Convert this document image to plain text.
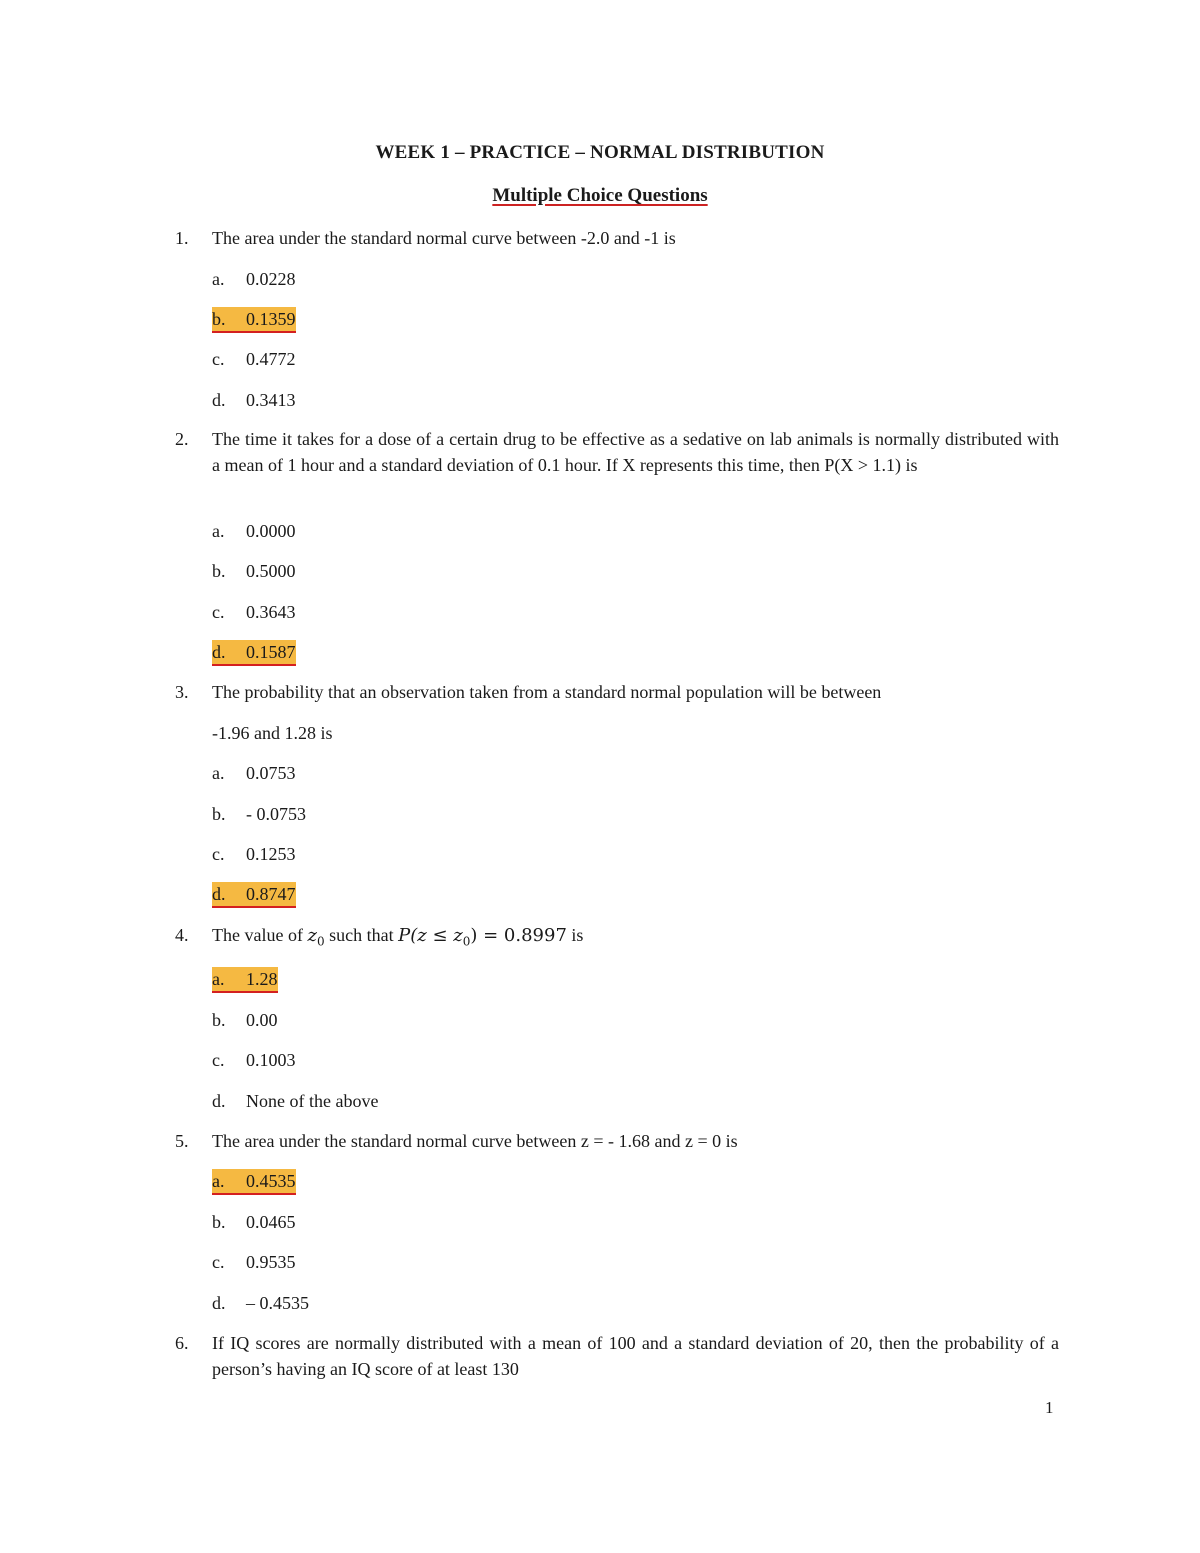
WEEK 1 – PRACTICE – NORMAL DISTRIBUTION
Multiple Choice Questions
1.	The area under the standard normal curve between -2.0 and -1 is
a. 0.0228
b. 0.1359
c. 0.4772
d. 0.3413
2.	The time it takes for a dose of a certain drug to be effective as a sedative on lab animals is normally distributed with a mean of 1 hour and a standard deviation of 0.1 hour. If X represents this time, then P(X > 1.1) is
a. 0.0000
b. 0.5000
c. 0.3643
d. 0.1587
3.	The probability that an observation taken from a standard normal population will be between
-1.96 and 1.28 is
a. 0.0753
b. - 0.0753
c. 0.1253
d. 0.8747
4.	The value of $z_0$ such that $P(z \le z_0) = 0.8997$ is
a. 1.28
b. 0.00
c. 0.1003
d. None of the above
5.	The area under the standard normal curve between z = - 1.68 and z = 0 is
a. 0.4535
b. 0.0465
c. 0.9535
d. – 0.4535
6.	If IQ scores are normally distributed with a mean of 100 and a standard deviation of 20, then the probability of a person’s having an IQ score of at least 130
1
